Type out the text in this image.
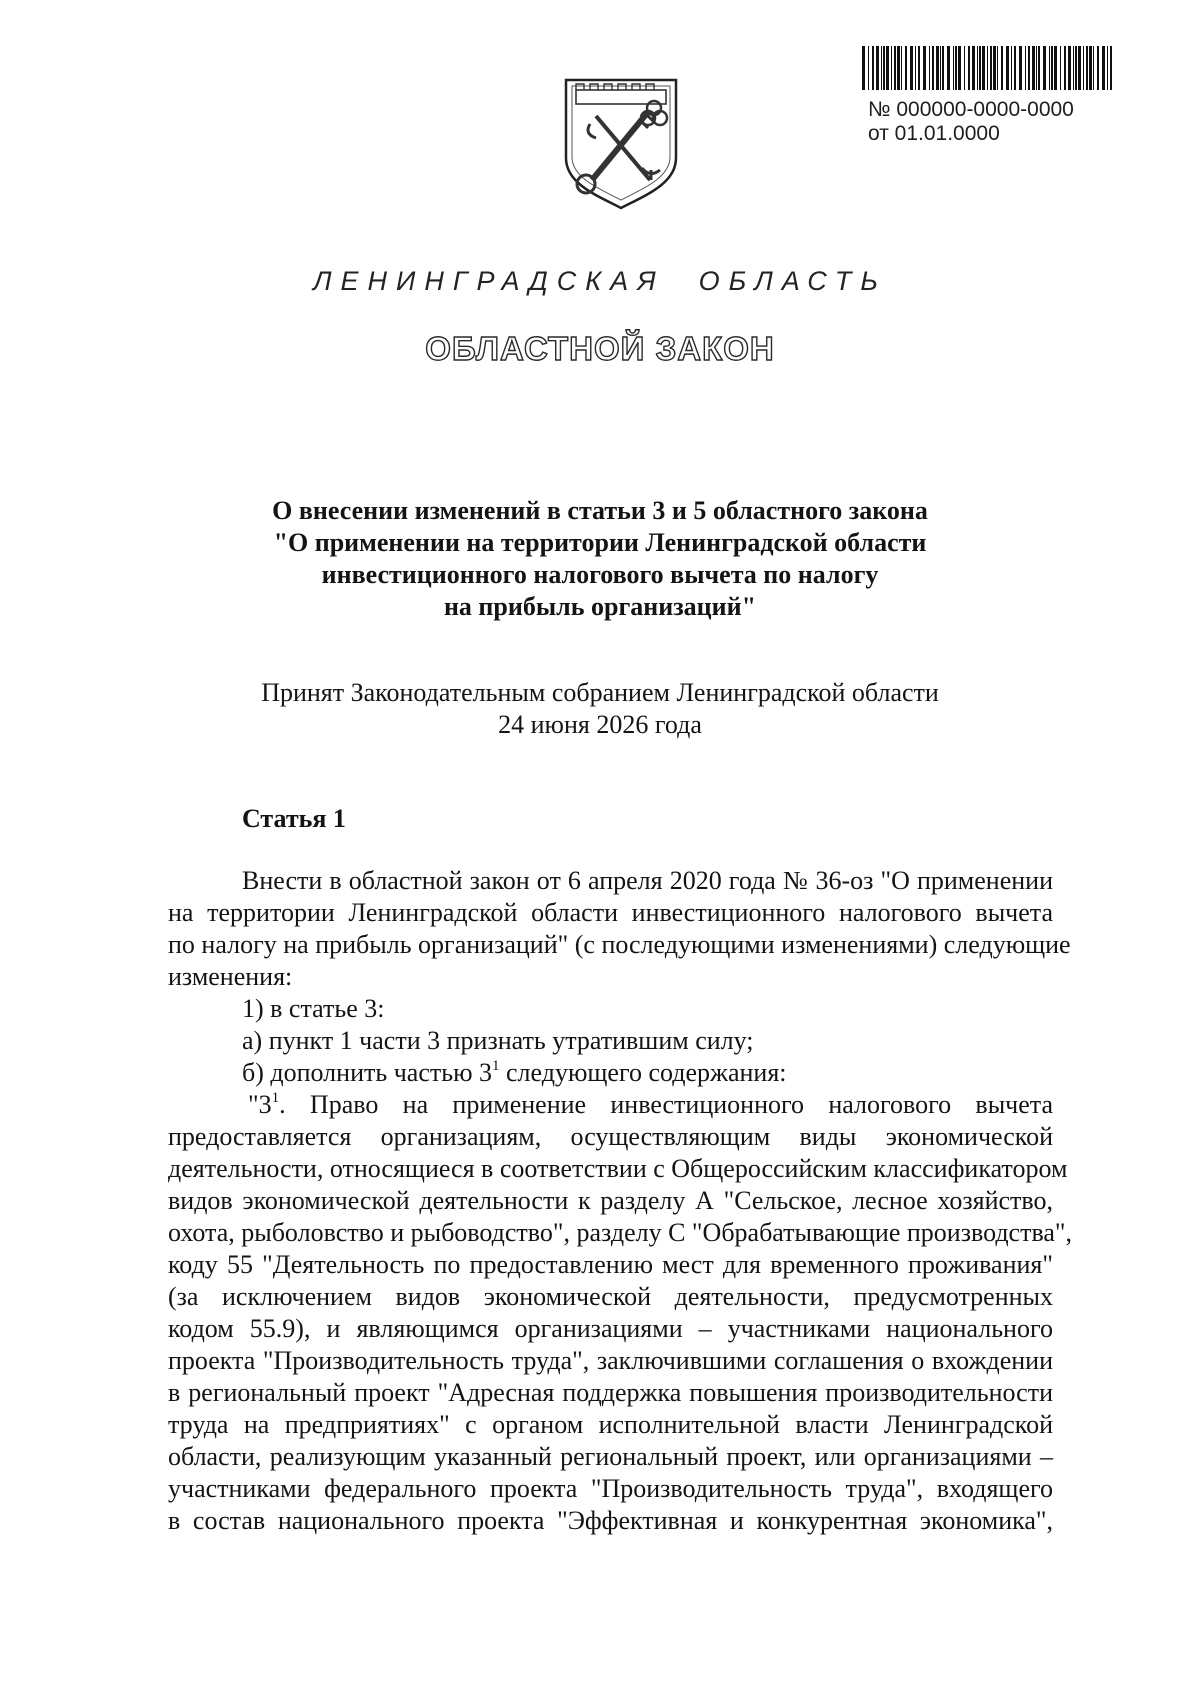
№ 000000-0000-0000
от 01.01.0000
ЛЕНИНГРАДСКАЯ ОБЛАСТЬ
ОБЛАСТНОЙ ЗАКОН
О внесении изменений в статьи 3 и 5 областного закона
"О применении на территории Ленинградской области
инвестиционного налогового вычета по налогу
на прибыль организаций"
Принят Законодательным собранием Ленинградской области
24 июня 2026 года
Статья 1
Внести в областной закон от 6 апреля 2020 года № 36-оз "О применении
на территории Ленинградской области инвестиционного налогового вычета
по налогу на прибыль организаций" (с последующими изменениями) следующие
изменения:
1) в статье 3:
а) пункт 1 части 3 признать утратившим силу;
б) дополнить частью $3^1$ следующего содержания:
"$3^1$. Право на применение инвестиционного налогового вычета
предоставляется организациям, осуществляющим виды экономической
деятельности, относящиеся в соответствии с Общероссийским классификатором
видов экономической деятельности к разделу А "Сельское, лесное хозяйство,
охота, рыболовство и рыбоводство", разделу С "Обрабатывающие производства",
коду 55 "Деятельность по предоставлению мест для временного проживания"
(за исключением видов экономической деятельности, предусмотренных
кодом 55.9), и являющимся организациями – участниками национального
проекта "Производительность труда", заключившими соглашения о вхождении
в региональный проект "Адресная поддержка повышения производительности
труда на предприятиях" с органом исполнительной власти Ленинградской
области, реализующим указанный региональный проект, или организациями –
участниками федерального проекта "Производительность труда", входящего
в состав национального проекта "Эффективная и конкурентная экономика",
